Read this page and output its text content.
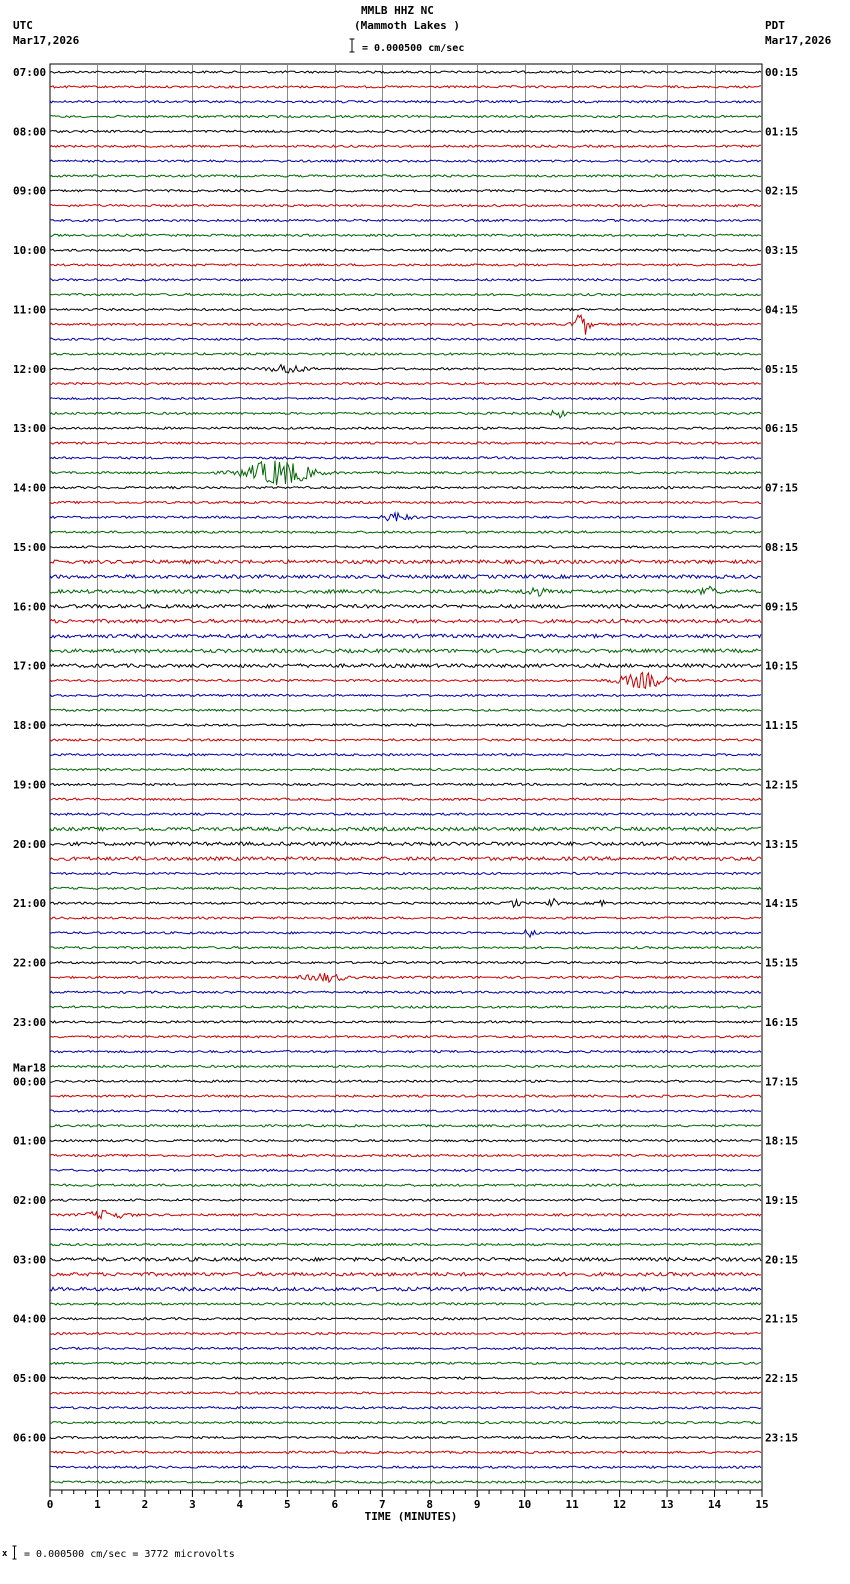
MMLB HHZ NC
(Mammoth Lakes )
= 0.000500 cm/sec
UTC
Mar17,2026
PDT
Mar17,2026
x = 0.000500 cm/sec = 3772 microvolts
07:00	00:15
08:00	01:15
09:00	02:15
10:00	03:15
11:00	04:15
12:00	05:15
13:00	06:15
14:00	07:15
15:00	08:15
16:00	09:15
17:00	10:15
18:00	11:15
19:00	12:15
20:00	13:15
21:00	14:15
22:00	15:15
23:00	16:15
00:00	17:15
Mar18
01:00	18:15
02:00	19:15
03:00	20:15
04:00	21:15
05:00	22:15
06:00	23:15
0	1	2	3	4	5	6	7	8	9	10	11	12	13	14	15
TIME (MINUTES)
